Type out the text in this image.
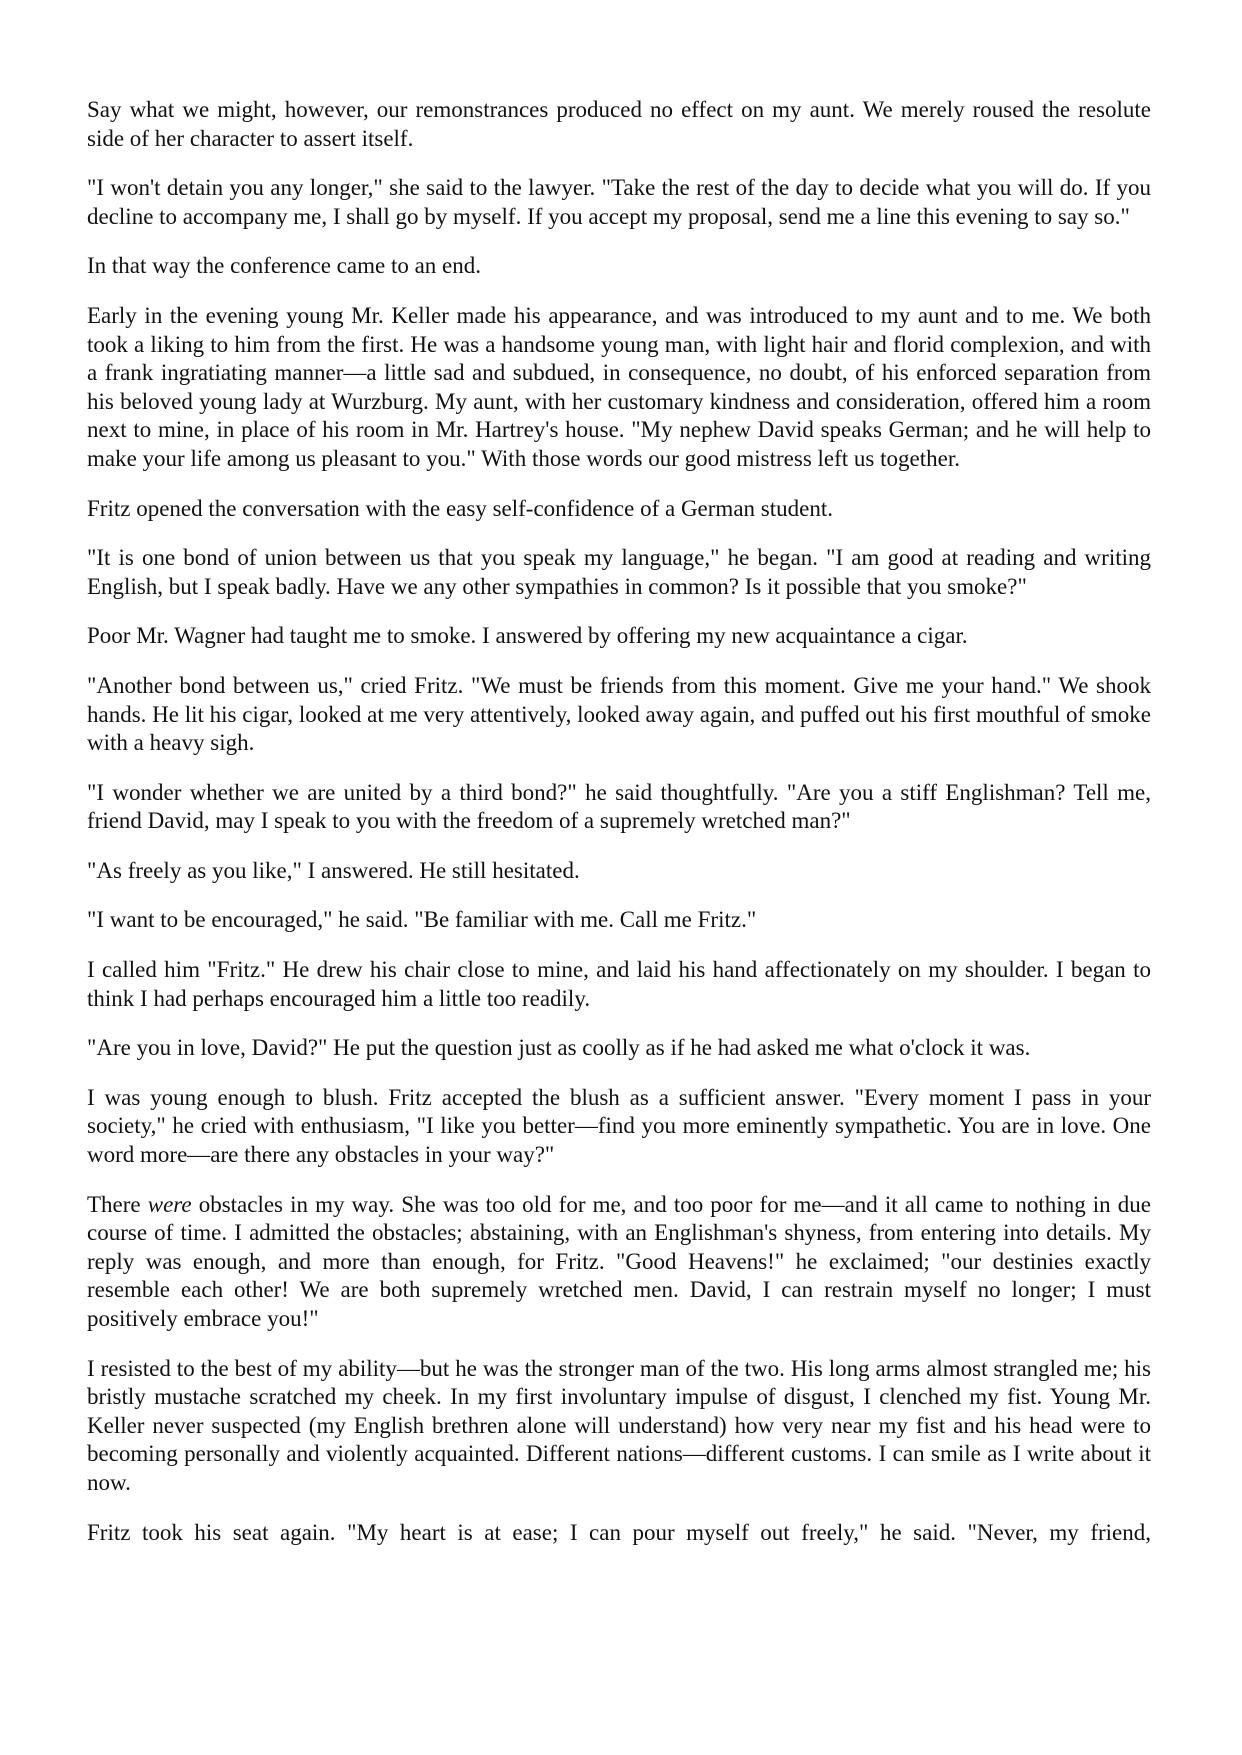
Say what we might, however, our remonstrances produced no effect on my aunt. We merely roused the resolute side of her character to assert itself.

"I won't detain you any longer," she said to the lawyer. "Take the rest of the day to decide what you will do. If you decline to accompany me, I shall go by myself. If you accept my proposal, send me a line this evening to say so."

In that way the conference came to an end.

Early in the evening young Mr. Keller made his appearance, and was introduced to my aunt and to me. We both took a liking to him from the first. He was a handsome young man, with light hair and florid complexion, and with a frank ingratiating manner—a little sad and subdued, in consequence, no doubt, of his enforced separation from his beloved young lady at Wurzburg. My aunt, with her customary kindness and consideration, offered him a room next to mine, in place of his room in Mr. Hartrey's house. "My nephew David speaks German; and he will help to make your life among us pleasant to you." With those words our good mistress left us together.

Fritz opened the conversation with the easy self-confidence of a German student.

"It is one bond of union between us that you speak my language," he began. "I am good at reading and writing English, but I speak badly. Have we any other sympathies in common? Is it possible that you smoke?"

Poor Mr. Wagner had taught me to smoke. I answered by offering my new acquaintance a cigar.

"Another bond between us," cried Fritz. "We must be friends from this moment. Give me your hand." We shook hands. He lit his cigar, looked at me very attentively, looked away again, and puffed out his first mouthful of smoke with a heavy sigh.

"I wonder whether we are united by a third bond?" he said thoughtfully. "Are you a stiff Englishman? Tell me, friend David, may I speak to you with the freedom of a supremely wretched man?"

"As freely as you like," I answered. He still hesitated.

"I want to be encouraged," he said. "Be familiar with me. Call me Fritz."

I called him "Fritz." He drew his chair close to mine, and laid his hand affectionately on my shoulder. I began to think I had perhaps encouraged him a little too readily.

"Are you in love, David?" He put the question just as coolly as if he had asked me what o'clock it was.

I was young enough to blush. Fritz accepted the blush as a sufficient answer. "Every moment I pass in your society," he cried with enthusiasm, "I like you better—find you more eminently sympathetic. You are in love. One word more—are there any obstacles in your way?"

There were obstacles in my way. She was too old for me, and too poor for me—and it all came to nothing in due course of time. I admitted the obstacles; abstaining, with an Englishman's shyness, from entering into details. My reply was enough, and more than enough, for Fritz. "Good Heavens!" he exclaimed; "our destinies exactly resemble each other! We are both supremely wretched men. David, I can restrain myself no longer; I must positively embrace you!"

I resisted to the best of my ability—but he was the stronger man of the two. His long arms almost strangled me; his bristly mustache scratched my cheek. In my first involuntary impulse of disgust, I clenched my fist. Young Mr. Keller never suspected (my English brethren alone will understand) how very near my fist and his head were to becoming personally and violently acquainted. Different nations—different customs. I can smile as I write about it now.

Fritz took his seat again. "My heart is at ease; I can pour myself out freely," he said. "Never, my friend,
